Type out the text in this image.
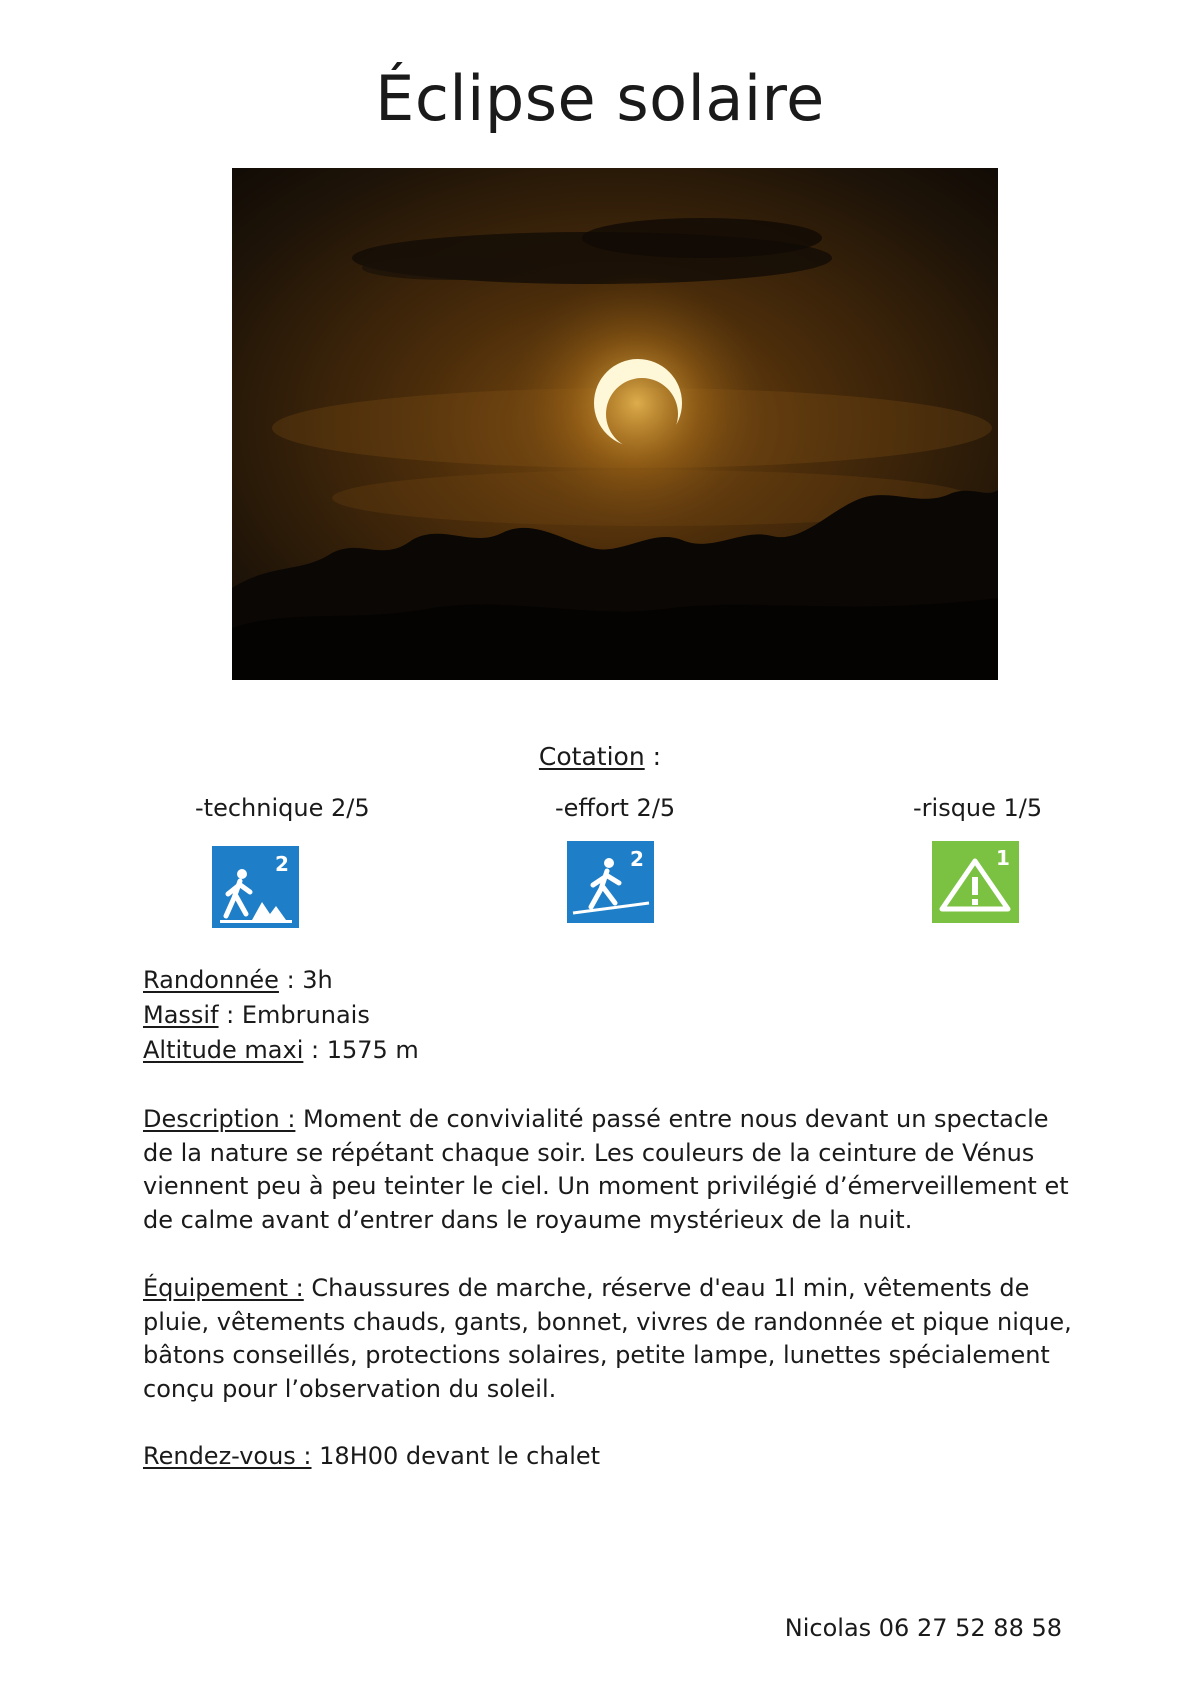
Éclipse solaire
Cotation :
-technique 2/5	-effort 2/5	-risque 1/5
2	2	1
Randonnée : 3h
Massif : Embrunais
Altitude maxi : 1575 m
Description : Moment de convivialité passé entre nous devant un spectacle de la nature se répétant chaque soir. Les couleurs de la ceinture de Vénus viennent peu à peu teinter le ciel. Un moment privilégié d’émerveillement et de calme avant d’entrer dans le royaume mystérieux de la nuit.
Équipement : Chaussures de marche, réserve d'eau 1l min, vêtements de pluie, vêtements chauds, gants, bonnet, vivres de randonnée et pique nique, bâtons conseillés, protections solaires, petite lampe, lunettes spécialement conçu pour l’observation du soleil.
Rendez-vous : 18H00 devant le chalet
Nicolas 06 27 52 88 58
